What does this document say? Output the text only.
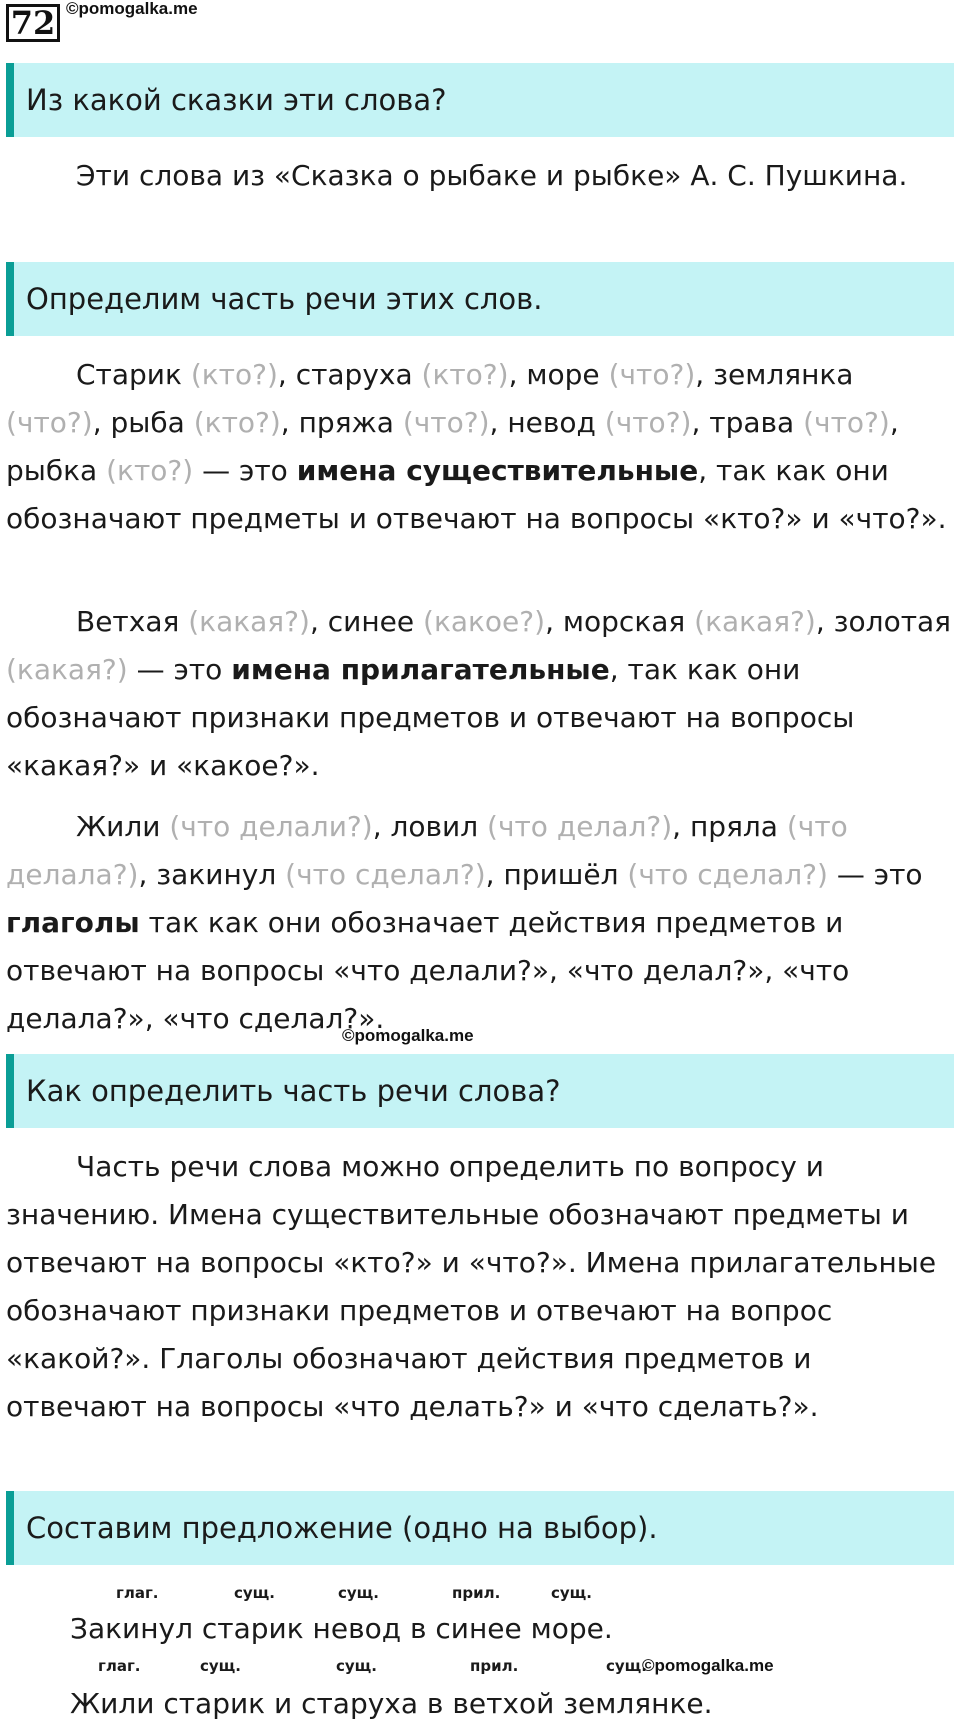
72 ©pomogalka.me
Из какой сказки эти слова?

Эти слова из «Сказка о рыбаке и рыбке» А. С. Пушкина.

Определим часть речи этих слов.

Старик (кто?), старуха (кто?), море (что?), землянка (что?), рыба (кто?), пряжа (что?), невод (что?), трава (что?), рыбка (кто?) — это имена существительные, так как они обозначают предметы и отвечают на вопросы «кто?» и «что?».

Ветхая (какая?), синее (какое?), морская (какая?), золотая (какая?) — это имена прилагательные, так как они обозначают признаки предметов и отвечают на вопросы «какая?» и «какое?».

Жили (что делали?), ловил (что делал?), пряла (что делала?), закинул (что сделал?), пришёл (что сделал?) — это глаголы так как они обозначает действия предметов и отвечают на вопросы «что делали?», «что делал?», «что делала?», «что сделал?».

©pomogalka.me
Как определить часть речи слова?

Часть речи слова можно определить по вопросу и значению. Имена существительные обозначают предметы и отвечают на вопросы «кто?» и «что?». Имена прилагательные обозначают признаки предметов и отвечают на вопрос «какой?». Глаголы обозначают действия предметов и отвечают на вопросы «что делать?» и «что сделать?».

Составим предложение (одно на выбор).
глаг.	сущ.	сущ.	прил.	сущ.
Закинул старик невод в синее море.
глаг.	сущ.	сущ.	прил.	сущ.
©pomogalka.me
Жили старик и старуха в ветхой землянке.
